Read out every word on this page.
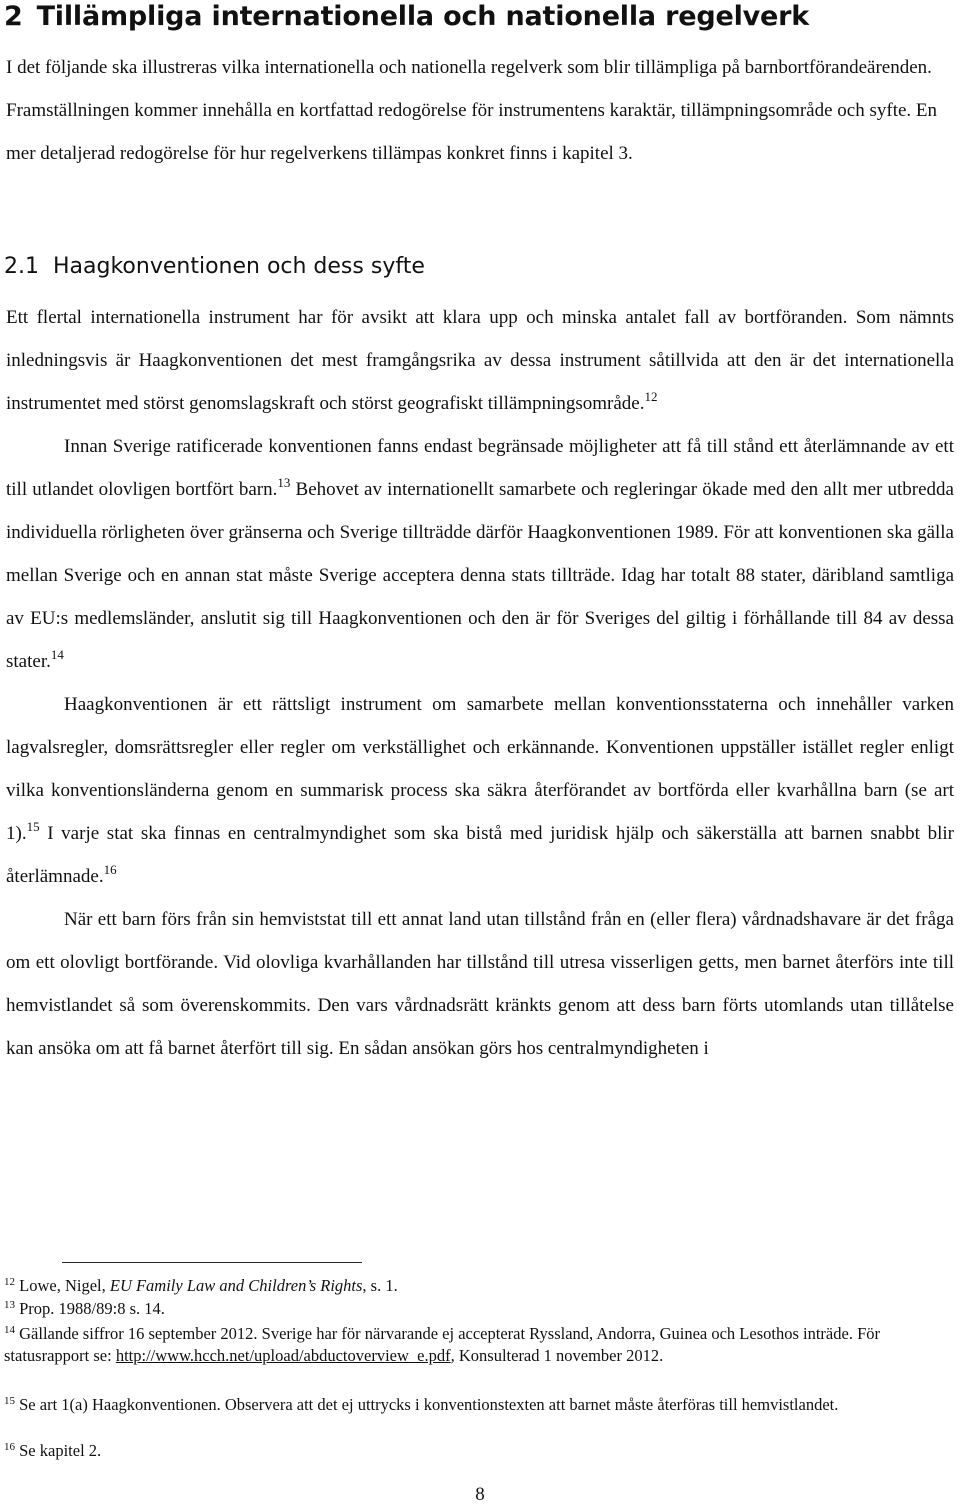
2 Tillämpliga internationella och nationella regelverk

I det följande ska illustreras vilka internationella och nationella regelverk som blir tillämpliga på barnbortförandeärenden. Framställningen kommer innehålla en kortfattad redogörelse för instrumentens karaktär, tillämpningsområde och syfte. En mer detaljerad redogörelse för hur regelverkens tillämpas konkret finns i kapitel 3.

2.1 Haagkonventionen och dess syfte

Ett flertal internationella instrument har för avsikt att klara upp och minska antalet fall av bortföranden. Som nämnts inledningsvis är Haagkonventionen det mest framgångsrika av dessa instrument såtillvida att den är det internationella instrumentet med störst genomslagskraft och störst geografiskt tillämpningsområde.$^{12}$

Innan Sverige ratificerade konventionen fanns endast begränsade möjligheter att få till stånd ett återlämnande av ett till utlandet olovligen bortfört barn.$^{13}$ Behovet av internationellt samarbete och regleringar ökade med den allt mer utbredda individuella rörligheten över gränserna och Sverige tillträdde därför Haagkonventionen 1989. För att konventionen ska gälla mellan Sverige och en annan stat måste Sverige acceptera denna stats tillträde. Idag har totalt 88 stater, däribland samtliga av EU:s medlemsländer, anslutit sig till Haagkonventionen och den är för Sveriges del giltig i förhållande till 84 av dessa stater.$^{14}$

Haagkonventionen är ett rättsligt instrument om samarbete mellan konventionsstaterna och innehåller varken lagvalsregler, domsrättsregler eller regler om verkställighet och erkännande. Konventionen uppställer istället regler enligt vilka konventionsländerna genom en summarisk process ska säkra återförandet av bortförda eller kvarhållna barn (se art 1).$^{15}$ I varje stat ska finnas en centralmyndighet som ska bistå med juridisk hjälp och säkerställa att barnen snabbt blir återlämnade.$^{16}$

När ett barn förs från sin hemviststat till ett annat land utan tillstånd från en (eller flera) vårdnadshavare är det fråga om ett olovligt bortförande. Vid olovliga kvarhållanden har tillstånd till utresa visserligen getts, men barnet återförs inte till hemvistlandet så som överenskommits. Den vars vårdnadsrätt kränkts genom att dess barn förts utomlands utan tillåtelse kan ansöka om att få barnet återfört till sig. En sådan ansökan görs hos centralmyndigheten i

$^{12}$ Lowe, Nigel, EU Family Law and Children’s Rights, s. 1.
$^{13}$ Prop. 1988/89:8 s. 14.
$^{14}$ Gällande siffror 16 september 2012. Sverige har för närvarande ej accepterat Ryssland, Andorra, Guinea och Lesothos inträde. För statusrapport se: http://www.hcch.net/upload/abductoverview_e.pdf, Konsulterad 1 november 2012.
$^{15}$ Se art 1(a) Haagkonventionen. Observera att det ej uttrycks i konventionstexten att barnet måste återföras till hemvistlandet.
$^{16}$ Se kapitel 2.
8
